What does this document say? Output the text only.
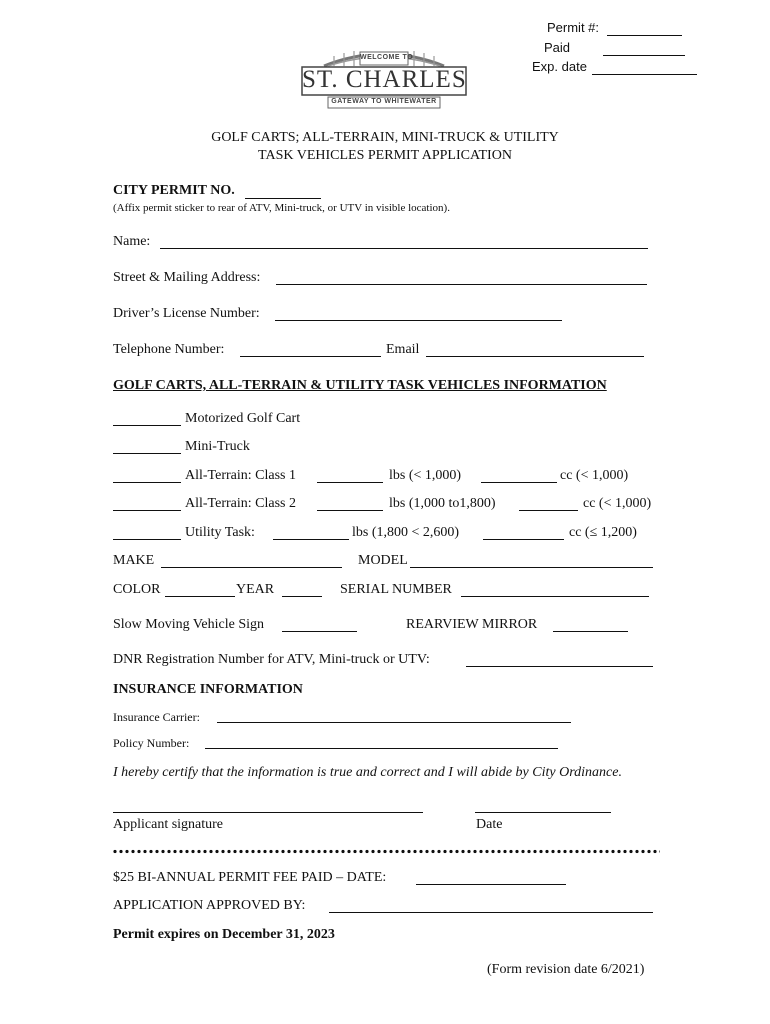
Permit #:
Paid
Exp. date
WELCOME TO
ST. CHARLES
GATEWAY TO WHITEWATER
GOLF CARTS; ALL-TERRAIN, MINI-TRUCK & UTILITY
TASK VEHICLES PERMIT APPLICATION
CITY PERMIT NO.
(Affix permit sticker to rear of ATV, Mini-truck, or UTV in visible location).
Name:
Street & Mailing Address:
Driver’s License Number:
Telephone Number:	Email
GOLF CARTS, ALL-TERRAIN & UTILITY TASK VEHICLES INFORMATION
Motorized Golf Cart
Mini-Truck
All-Terrain: Class 1	lbs (< 1,000)	cc (< 1,000)
All-Terrain: Class 2	lbs (1,000 to1,800)	cc (< 1,000)
Utility Task:	lbs (1,800 < 2,600)	cc (≤ 1,200)
MAKE	MODEL
COLOR	YEAR	SERIAL NUMBER
Slow Moving Vehicle Sign	REARVIEW MIRROR
DNR Registration Number for ATV, Mini-truck or UTV:
INSURANCE INFORMATION
Insurance Carrier:
Policy Number:
I hereby certify that the information is true and correct and I will abide by City Ordinance.
Applicant signature	Date
$25 BI-ANNUAL PERMIT FEE PAID – DATE:
APPLICATION APPROVED BY:
Permit expires on December 31, 2023
(Form revision date 6/2021)
